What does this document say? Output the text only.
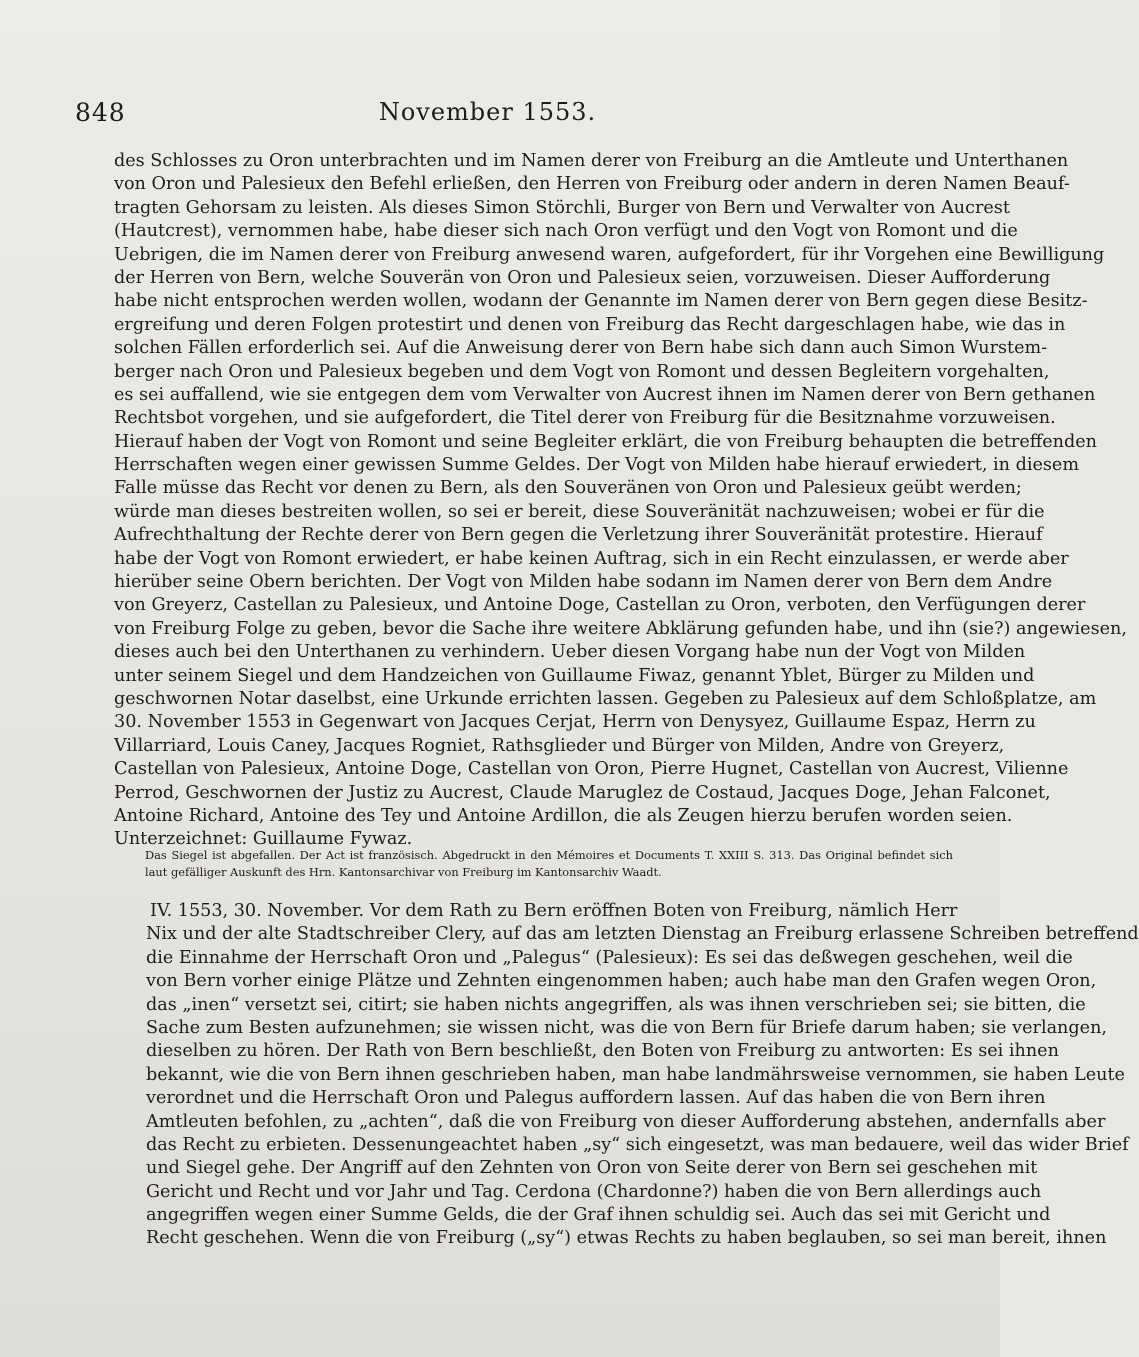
848	November 1553.
des Schlosses zu Oron unterbrachten und im Namen derer von Freiburg an die Amtleute und Unterthanen
von Oron und Palesieux den Befehl erließen, den Herren von Freiburg oder andern in deren Namen Beauf-
tragten Gehorsam zu leisten. Als dieses Simon Störchli, Burger von Bern und Verwalter von Aucrest
(Hautcrest), vernommen habe, habe dieser sich nach Oron verfügt und den Vogt von Romont und die
Uebrigen, die im Namen derer von Freiburg anwesend waren, aufgefordert, für ihr Vorgehen eine Bewilligung
der Herren von Bern, welche Souverän von Oron und Palesieux seien, vorzuweisen. Dieser Aufforderung
habe nicht entsprochen werden wollen, wodann der Genannte im Namen derer von Bern gegen diese Besitz-
ergreifung und deren Folgen protestirt und denen von Freiburg das Recht dargeschlagen habe, wie das in
solchen Fällen erforderlich sei. Auf die Anweisung derer von Bern habe sich dann auch Simon Wurstem-
berger nach Oron und Palesieux begeben und dem Vogt von Romont und dessen Begleitern vorgehalten,
es sei auffallend, wie sie entgegen dem vom Verwalter von Aucrest ihnen im Namen derer von Bern gethanen
Rechtsbot vorgehen, und sie aufgefordert, die Titel derer von Freiburg für die Besitznahme vorzuweisen.
Hierauf haben der Vogt von Romont und seine Begleiter erklärt, die von Freiburg behaupten die betreffenden
Herrschaften wegen einer gewissen Summe Geldes. Der Vogt von Milden habe hierauf erwiedert, in diesem
Falle müsse das Recht vor denen zu Bern, als den Souveränen von Oron und Palesieux geübt werden;
würde man dieses bestreiten wollen, so sei er bereit, diese Souveränität nachzuweisen; wobei er für die
Aufrechthaltung der Rechte derer von Bern gegen die Verletzung ihrer Souveränität protestire. Hierauf
habe der Vogt von Romont erwiedert, er habe keinen Auftrag, sich in ein Recht einzulassen, er werde aber
hierüber seine Obern berichten. Der Vogt von Milden habe sodann im Namen derer von Bern dem Andre
von Greyerz, Castellan zu Palesieux, und Antoine Doge, Castellan zu Oron, verboten, den Verfügungen derer
von Freiburg Folge zu geben, bevor die Sache ihre weitere Abklärung gefunden habe, und ihn (sie?) angewiesen,
dieses auch bei den Unterthanen zu verhindern. Ueber diesen Vorgang habe nun der Vogt von Milden
unter seinem Siegel und dem Handzeichen von Guillaume Fiwaz, genannt Yblet, Bürger zu Milden und
geschwornen Notar daselbst, eine Urkunde errichten lassen. Gegeben zu Palesieux auf dem Schloßplatze, am
30. November 1553 in Gegenwart von Jacques Cerjat, Herrn von Denysyez, Guillaume Espaz, Herrn zu
Villarriard, Louis Caney, Jacques Rogniet, Rathsglieder und Bürger von Milden, Andre von Greyerz,
Castellan von Palesieux, Antoine Doge, Castellan von Oron, Pierre Hugnet, Castellan von Aucrest, Vilienne
Perrod, Geschwornen der Justiz zu Aucrest, Claude Maruglez de Costaud, Jacques Doge, Jehan Falconet,
Antoine Richard, Antoine des Tey und Antoine Ardillon, die als Zeugen hierzu berufen worden seien.
Unterzeichnet: Guillaume Fywaz.
Das Siegel ist abgefallen. Der Act ist französisch. Abgedruckt in den Mémoires et Documents T. XXIII S. 313. Das Original befindet sich
laut gefälliger Auskunft des Hrn. Kantonsarchivar von Freiburg im Kantonsarchiv Waadt.
IV. 1553, 30. November. Vor dem Rath zu Bern eröffnen Boten von Freiburg, nämlich Herr
Nix und der alte Stadtschreiber Clery, auf das am letzten Dienstag an Freiburg erlassene Schreiben betreffend
die Einnahme der Herrschaft Oron und „Palegus“ (Palesieux): Es sei das deßwegen geschehen, weil die
von Bern vorher einige Plätze und Zehnten eingenommen haben; auch habe man den Grafen wegen Oron,
das „inen“ versetzt sei, citirt; sie haben nichts angegriffen, als was ihnen verschrieben sei; sie bitten, die
Sache zum Besten aufzunehmen; sie wissen nicht, was die von Bern für Briefe darum haben; sie verlangen,
dieselben zu hören. Der Rath von Bern beschließt, den Boten von Freiburg zu antworten: Es sei ihnen
bekannt, wie die von Bern ihnen geschrieben haben, man habe landmährsweise vernommen, sie haben Leute
verordnet und die Herrschaft Oron und Palegus auffordern lassen. Auf das haben die von Bern ihren
Amtleuten befohlen, zu „achten“, daß die von Freiburg von dieser Aufforderung abstehen, andernfalls aber
das Recht zu erbieten. Dessenungeachtet haben „sy“ sich eingesetzt, was man bedauere, weil das wider Brief
und Siegel gehe. Der Angriff auf den Zehnten von Oron von Seite derer von Bern sei geschehen mit
Gericht und Recht und vor Jahr und Tag. Cerdona (Chardonne?) haben die von Bern allerdings auch
angegriffen wegen einer Summe Gelds, die der Graf ihnen schuldig sei. Auch das sei mit Gericht und
Recht geschehen. Wenn die von Freiburg („sy“) etwas Rechts zu haben beglauben, so sei man bereit, ihnen
